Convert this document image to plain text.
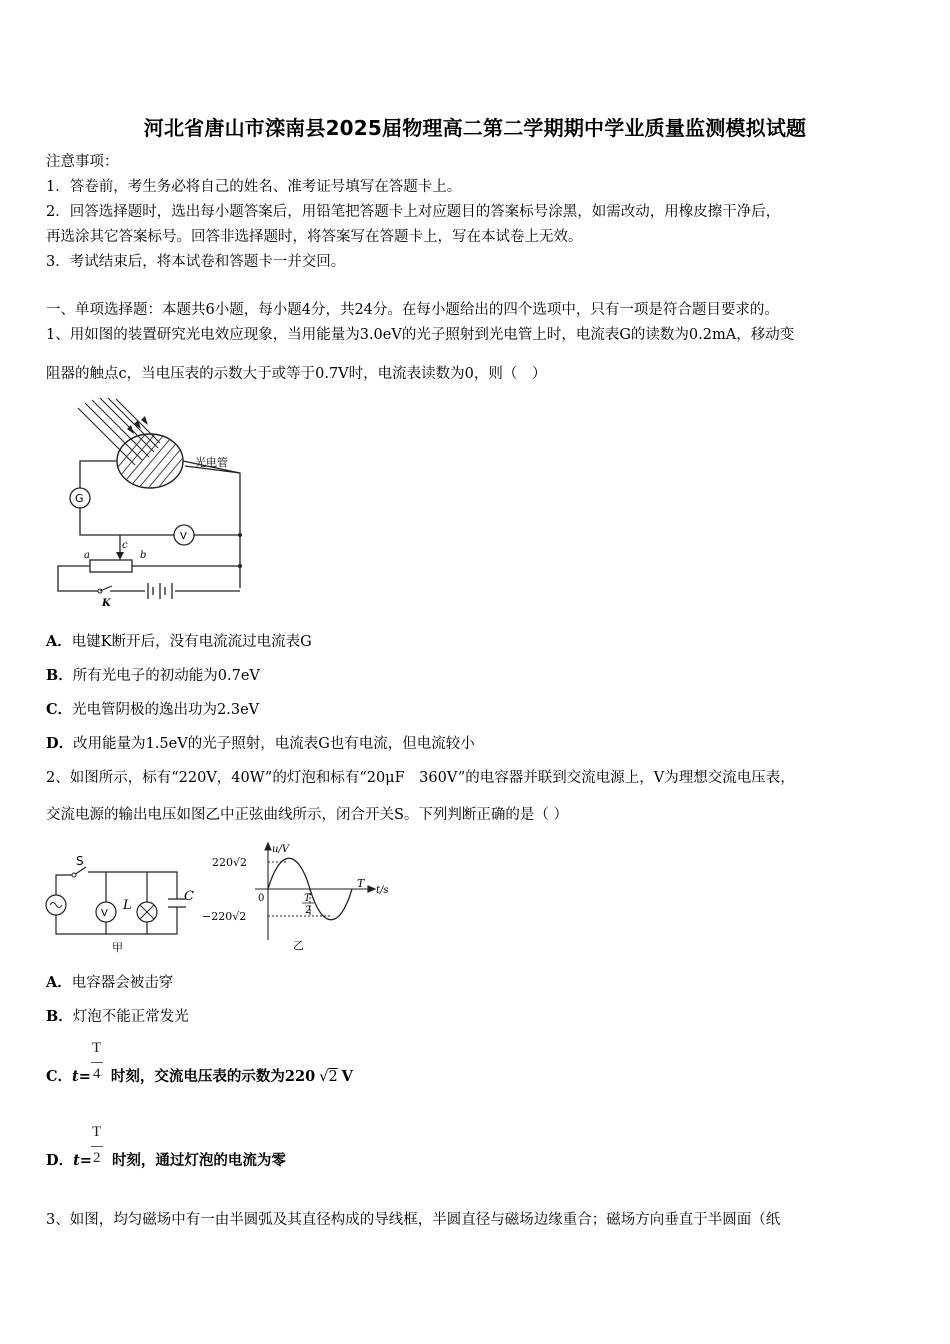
河北省唐山市滦南县2025届物理高二第二学期期中学业质量监测模拟试题
注意事项：
1．答卷前，考生务必将自己的姓名、准考证号填写在答题卡上。
2．回答选择题时，选出每小题答案后，用铅笔把答题卡上对应题目的答案标号涂黑，如需改动，用橡皮擦干净后，
再选涂其它答案标号。回答非选择题时，将答案写在答题卡上，写在本试卷上无效。
3．考试结束后，将本试卷和答题卡一并交回。
一、单项选择题：本题共6小题，每小题4分，共24分。在每小题给出的四个选项中，只有一项是符合题目要求的。
1、用如图的装置研究光电效应现象，当用能量为3.0eV的光子照射到光电管上时，电流表G的读数为0.2mA，移动变
阻器的触点c，当电压表的示数大于或等于0.7V时，电流表读数为0，则（　）
光电管
G
V
a	b
c
K
A．电键K断开后，没有电流流过电流表G
B．所有光电子的初动能为0.7eV
C．光电管阴极的逸出功为2.3eV
D．改用能量为1.5eV的光子照射，电流表G也有电流，但电流较小
2、如图所示，标有“220V，40W”的灯泡和标有“20μF　360V”的电容器并联到交流电源上，V为理想交流电压表，
交流电源的输出电压如图乙中正弦曲线所示，闭合开关S。下列判断正确的是（ ）
S
V
L
C
甲
220√2
−220√2
0
u/V
t/s
T
T
2
乙
A．电容器会被击穿
B．灯泡不能正常发光
C．t= 时刻，交流电压表的示数为220 √2 V
T
4
D．t= 时刻，通过灯泡的电流为零
T
2
3、如图，均匀磁场中有一由半圆弧及其直径构成的导线框，半圆直径与磁场边缘重合；磁场方向垂直于半圆面（纸
